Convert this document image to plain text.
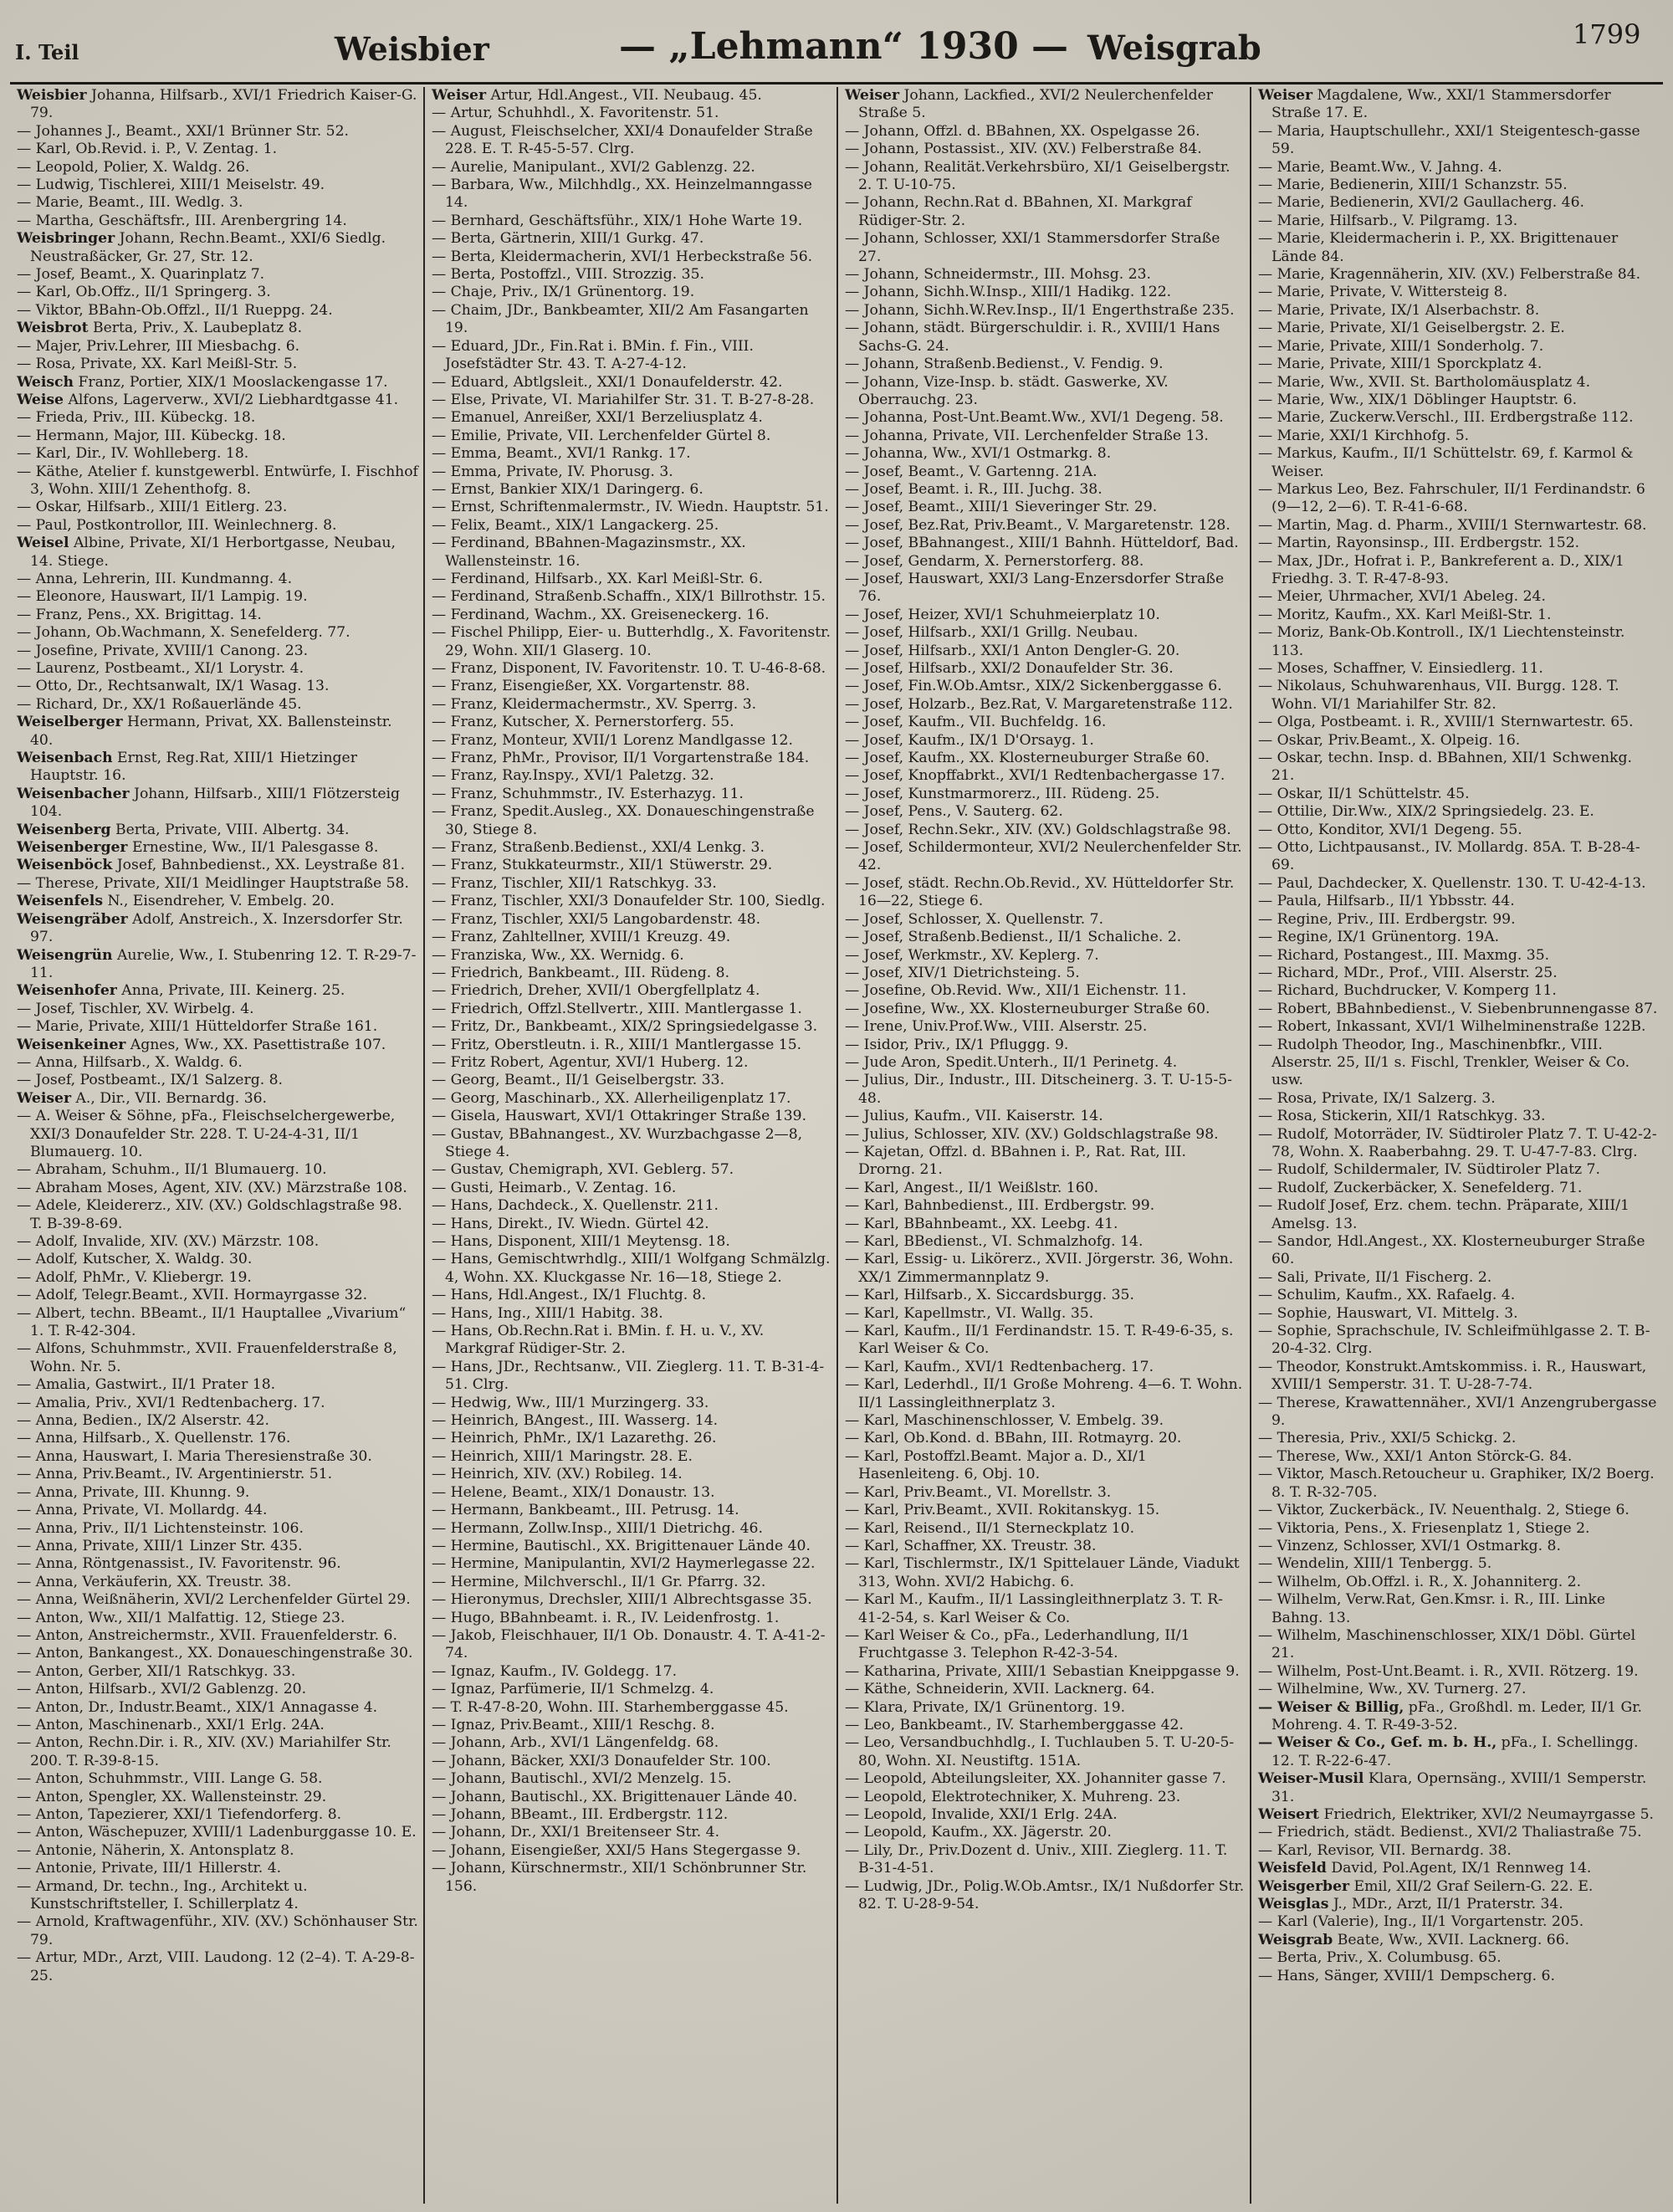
I. Teil	Weisbier	— „Lehmann“ 1930 — Weisgrab	1799
Weisbier Johanna, Hilfsarb., XVI/1 Friedrich Kaiser-G. 79.
— Johannes J., Beamt., XXI/1 Brünner Str. 52.
— Karl, Ob.Revid. i. P., V. Zentag. 1.
— Leopold, Polier, X. Waldg. 26.
— Ludwig, Tischlerei, XIII/1 Meiselstr. 49.
— Marie, Beamt., III. Wedlg. 3.
— Martha, Geschäftsfr., III. Arenbergring 14.
Weisbringer Johann, Rechn.Beamt., XXI/6 Siedlg. Neustraßäcker, Gr. 27, Str. 12.
— Josef, Beamt., X. Quarinplatz 7.
— Karl, Ob.Offz., II/1 Springerg. 3.
— Viktor, BBahn-Ob.Offzl., II/1 Rueppg. 24.
Weisbrot Berta, Priv., X. Laubeplatz 8.
— Majer, Priv.Lehrer, III Miesbachg. 6.
— Rosa, Private, XX. Karl Meißl-Str. 5.
Weisch Franz, Portier, XIX/1 Mooslackengasse 17.
Weise Alfons, Lagerverw., XVI/2 Liebhardtgasse 41.
— Frieda, Priv., III. Kübeckg. 18.
— Hermann, Major, III. Kübeckg. 18.
— Karl, Dir., IV. Wohlleberg. 18.
— Käthe, Atelier f. kunstgewerbl. Entwürfe, I. Fischhof 3, Wohn. XIII/1 Zehenthofg. 8.
— Oskar, Hilfsarb., XIII/1 Eitlerg. 23.
— Paul, Postkontrollor, III. Weinlechnerg. 8.
Weisel Albine, Private, XI/1 Herbortgasse, Neubau, 14. Stiege.
— Anna, Lehrerin, III. Kundmanng. 4.
— Eleonore, Hauswart, II/1 Lampig. 19.
— Franz, Pens., XX. Brigittag. 14.
— Johann, Ob.Wachmann, X. Senefelderg. 77.
— Josefine, Private, XVIII/1 Canong. 23.
— Laurenz, Postbeamt., XI/1 Lorystr. 4.
— Otto, Dr., Rechtsanwalt, IX/1 Wasag. 13.
— Richard, Dr., XX/1 Roßauerlände 45.
Weiselberger Hermann, Privat, XX. Ballensteinstr. 40.
Weisenbach Ernst, Reg.Rat, XIII/1 Hietzinger Hauptstr. 16.
Weisenbacher Johann, Hilfsarb., XIII/1 Flötzersteig 104.
Weisenberg Berta, Private, VIII. Albertg. 34.
Weisenberger Ernestine, Ww., II/1 Palesgasse 8.
Weisenböck Josef, Bahnbedienst., XX. Leystraße 81.
— Therese, Private, XII/1 Meidlinger Hauptstraße 58.
Weisenfels N., Eisendreher, V. Embelg. 20.
Weisengräber Adolf, Anstreich., X. Inzersdorfer Str. 97.
Weisengrün Aurelie, Ww., I. Stubenring 12. T. R-29-7-11.
Weisenhofer Anna, Private, III. Keinerg. 25.
— Josef, Tischler, XV. Wirbelg. 4.
— Marie, Private, XIII/1 Hütteldorfer Straße 161.
Weisenkeiner Agnes, Ww., XX. Pasettistraße 107.
— Anna, Hilfsarb., X. Waldg. 6.
— Josef, Postbeamt., IX/1 Salzerg. 8.
Weiser A., Dir., VII. Bernardg. 36.
— A. Weiser & Söhne, pFa., Fleischselchergewerbe, XXI/3 Donaufelder Str. 228. T. U-24-4-31, II/1 Blumauerg. 10.
— Abraham, Schuhm., II/1 Blumauerg. 10.
— Abraham Moses, Agent, XIV. (XV.) Märzstraße 108.
— Adele, Kleidererz., XIV. (XV.) Goldschlagstraße 98. T. B-39-8-69.
— Adolf, Invalide, XIV. (XV.) Märzstr. 108.
— Adolf, Kutscher, X. Waldg. 30.
— Adolf, PhMr., V. Kliebergr. 19.
— Adolf, Telegr.Beamt., XVII. Hormayrgasse 32.
— Albert, techn. BBeamt., II/1 Hauptallee „Vivarium“ 1. T. R-42-304.
— Alfons, Schuhmmstr., XVII. Frauenfelderstraße 8, Wohn. Nr. 5.
— Amalia, Gastwirt., II/1 Prater 18.
— Amalia, Priv., XVI/1 Redtenbacherg. 17.
— Anna, Bedien., IX/2 Alserstr. 42.
— Anna, Hilfsarb., X. Quellenstr. 176.
— Anna, Hauswart, I. Maria Theresienstraße 30.
— Anna, Priv.Beamt., IV. Argentinierstr. 51.
— Anna, Private, III. Khunng. 9.
— Anna, Private, VI. Mollardg. 44.
— Anna, Priv., II/1 Lichtensteinstr. 106.
— Anna, Private, XIII/1 Linzer Str. 435.
— Anna, Röntgenassist., IV. Favoritenstr. 96.
— Anna, Verkäuferin, XX. Treustr. 38.
— Anna, Weißnäherin, XVI/2 Lerchenfelder Gürtel 29.
— Anton, Ww., XII/1 Malfattig. 12, Stiege 23.
— Anton, Anstreichermstr., XVII. Frauenfelderstr. 6.
— Anton, Bankangest., XX. Donaueschingenstraße 30.
— Anton, Gerber, XII/1 Ratschkyg. 33.
— Anton, Hilfsarb., XVI/2 Gablenzg. 20.
— Anton, Dr., Industr.Beamt., XIX/1 Annagasse 4.
— Anton, Maschinenarb., XXI/1 Erlg. 24A.
— Anton, Rechn.Dir. i. R., XIV. (XV.) Mariahilfer Str. 200. T. R-39-8-15.
— Anton, Schuhmmstr., VIII. Lange G. 58.
— Anton, Spengler, XX. Wallensteinstr. 29.
— Anton, Tapezierer, XXI/1 Tiefendorferg. 8.
— Anton, Wäschepuzer, XVIII/1 Ladenburggasse 10. E.
— Antonie, Näherin, X. Antonsplatz 8.
— Antonie, Private, III/1 Hillerstr. 4.
— Armand, Dr. techn., Ing., Architekt u. Kunstschriftsteller, I. Schillerplatz 4.
— Arnold, Kraftwagenführ., XIV. (XV.) Schönhauser Str. 79.
— Artur, MDr., Arzt, VIII. Laudong. 12 (2–4). T. A-29-8-25.
Weiser Artur, Hdl.Angest., VII. Neubaug. 45.
— Artur, Schuhhdl., X. Favoritenstr. 51.
— August, Fleischselcher, XXI/4 Donaufelder Straße 228. E. T. R-45-5-57. Clrg.
— Aurelie, Manipulant., XVI/2 Gablenzg. 22.
— Barbara, Ww., Milchhdlg., XX. Heinzelmanngasse 14.
— Bernhard, Geschäftsführ., XIX/1 Hohe Warte 19.
— Berta, Gärtnerin, XIII/1 Gurkg. 47.
— Berta, Kleidermacherin, XVI/1 Herbeckstraße 56.
— Berta, Postoffzl., VIII. Strozzig. 35.
— Chaje, Priv., IX/1 Grünentorg. 19.
— Chaim, JDr., Bankbeamter, XII/2 Am Fasangarten 19.
— Eduard, JDr., Fin.Rat i. BMin. f. Fin., VIII. Josefstädter Str. 43. T. A-27-4-12.
— Eduard, Abtlgsleit., XXI/1 Donaufelderstr. 42.
— Else, Private, VI. Mariahilfer Str. 31. T. B-27-8-28.
— Emanuel, Anreißer, XXI/1 Berzeliusplatz 4.
— Emilie, Private, VII. Lerchenfelder Gürtel 8.
— Emma, Beamt., XVI/1 Rankg. 17.
— Emma, Private, IV. Phorusg. 3.
— Ernst, Bankier XIX/1 Daringerg. 6.
— Ernst, Schriftenmalermstr., IV. Wiedn. Hauptstr. 51.
— Felix, Beamt., XIX/1 Langackerg. 25.
— Ferdinand, BBahnen-Magazinsmstr., XX. Wallensteinstr. 16.
— Ferdinand, Hilfsarb., XX. Karl Meißl-Str. 6.
— Ferdinand, Straßenb.Schaffn., XIX/1 Billrothstr. 15.
— Ferdinand, Wachm., XX. Greiseneckerg. 16.
— Fischel Philipp, Eier- u. Butterhdlg., X. Favoritenstr. 29, Wohn. XII/1 Glaserg. 10.
— Franz, Disponent, IV. Favoritenstr. 10. T. U-46-8-68.
— Franz, Eisengießer, XX. Vorgartenstr. 88.
— Franz, Kleidermachermstr., XV. Sperrg. 3.
— Franz, Kutscher, X. Pernerstorferg. 55.
— Franz, Monteur, XVII/1 Lorenz Mandlgasse 12.
— Franz, PhMr., Provisor, II/1 Vorgartenstraße 184.
— Franz, Ray.Inspy., XVI/1 Paletzg. 32.
— Franz, Schuhmmstr., IV. Esterhazyg. 11.
— Franz, Spedit.Ausleg., XX. Donaueschingenstraße 30, Stiege 8.
— Franz, Straßenb.Bedienst., XXI/4 Lenkg. 3.
— Franz, Stukkateurmstr., XII/1 Stüwerstr. 29.
— Franz, Tischler, XII/1 Ratschkyg. 33.
— Franz, Tischler, XXI/3 Donaufelder Str. 100, Siedlg.
— Franz, Tischler, XXI/5 Langobardenstr. 48.
— Franz, Zahltellner, XVIII/1 Kreuzg. 49.
— Franziska, Ww., XX. Wernidg. 6.
— Friedrich, Bankbeamt., III. Rüdeng. 8.
— Friedrich, Dreher, XVII/1 Obergfellplatz 4.
— Friedrich, Offzl.Stellvertr., XIII. Mantlergasse 1.
— Fritz, Dr., Bankbeamt., XIX/2 Springsiedelgasse 3.
— Fritz, Oberstleutn. i. R., XIII/1 Mantlergasse 15.
— Fritz Robert, Agentur, XVI/1 Huberg. 12.
— Georg, Beamt., II/1 Geiselbergstr. 33.
— Georg, Maschinarb., XX. Allerheiligenplatz 17.
— Gisela, Hauswart, XVI/1 Ottakringer Straße 139.
— Gustav, BBahnangest., XV. Wurzbachgasse 2—8, Stiege 4.
— Gustav, Chemigraph, XVI. Geblerg. 57.
— Gusti, Heimarb., V. Zentag. 16.
— Hans, Dachdeck., X. Quellenstr. 211.
— Hans, Direkt., IV. Wiedn. Gürtel 42.
— Hans, Disponent, XIII/1 Meytensg. 18.
— Hans, Gemischtwrhdlg., XIII/1 Wolfgang Schmälzlg. 4, Wohn. XX. Kluckgasse Nr. 16—18, Stiege 2.
— Hans, Hdl.Angest., IX/1 Fluchtg. 8.
— Hans, Ing., XIII/1 Habitg. 38.
— Hans, Ob.Rechn.Rat i. BMin. f. H. u. V., XV. Markgraf Rüdiger-Str. 2.
— Hans, JDr., Rechtsanw., VII. Zieglerg. 11. T. B-31-4-51. Clrg.
— Hedwig, Ww., III/1 Murzingerg. 33.
— Heinrich, BAngest., III. Wasserg. 14.
— Heinrich, PhMr., IX/1 Lazarethg. 26.
— Heinrich, XIII/1 Maringstr. 28. E.
— Heinrich, XIV. (XV.) Robileg. 14.
— Helene, Beamt., XIX/1 Donaustr. 13.
— Hermann, Bankbeamt., III. Petrusg. 14.
— Hermann, Zollw.Insp., XIII/1 Dietrichg. 46.
— Hermine, Bautischl., XX. Brigittenauer Lände 40.
— Hermine, Manipulantin, XVI/2 Haymerlegasse 22.
— Hermine, Milchverschl., II/1 Gr. Pfarrg. 32.
— Hieronymus, Drechsler, XIII/1 Albrechtsgasse 35.
— Hugo, BBahnbeamt. i. R., IV. Leidenfrostg. 1.
— Jakob, Fleischhauer, II/1 Ob. Donaustr. 4. T. A-41-2-74.
— Ignaz, Kaufm., IV. Goldegg. 17.
— Ignaz, Parfümerie, II/1 Schmelzg. 4.
— T. R-47-8-20, Wohn. III. Starhemberggasse 45.
— Ignaz, Priv.Beamt., XIII/1 Reschg. 8.
— Johann, Arb., XVI/1 Längenfeldg. 68.
— Johann, Bäcker, XXI/3 Donaufelder Str. 100.
— Johann, Bautischl., XVI/2 Menzelg. 15.
— Johann, Bautischl., XX. Brigittenauer Lände 40.
— Johann, BBeamt., III. Erdbergstr. 112.
— Johann, Dr., XXI/1 Breitenseer Str. 4.
— Johann, Eisengießer, XXI/5 Hans Stegergasse 9.
— Johann, Kürschnermstr., XII/1 Schönbrunner Str. 156.
Weiser Johann, Lackfied., XVI/2 Neulerchenfelder Straße 5.
— Johann, Offzl. d. BBahnen, XX. Ospelgasse 26.
— Johann, Postassist., XIV. (XV.) Felberstraße 84.
— Johann, Realität.Verkehrsbüro, XI/1 Geiselbergstr. 2. T. U-10-75.
— Johann, Rechn.Rat d. BBahnen, XI. Markgraf Rüdiger-Str. 2.
— Johann, Schlosser, XXI/1 Stammersdorfer Straße 27.
— Johann, Schneidermstr., III. Mohsg. 23.
— Johann, Sichh.W.Insp., XIII/1 Hadikg. 122.
— Johann, Sichh.W.Rev.Insp., II/1 Engerthstraße 235.
— Johann, städt. Bürgerschuldir. i. R., XVIII/1 Hans Sachs-G. 24.
— Johann, Straßenb.Bedienst., V. Fendig. 9.
— Johann, Vize-Insp. b. städt. Gaswerke, XV. Oberrauchg. 23.
— Johanna, Post-Unt.Beamt.Ww., XVI/1 Degeng. 58.
— Johanna, Private, VII. Lerchenfelder Straße 13.
— Johanna, Ww., XVI/1 Ostmarkg. 8.
— Josef, Beamt., V. Gartenng. 21A.
— Josef, Beamt. i. R., III. Juchg. 38.
— Josef, Beamt., XIII/1 Sieveringer Str. 29.
— Josef, Bez.Rat, Priv.Beamt., V. Margaretenstr. 128.
— Josef, BBahnangest., XIII/1 Bahnh. Hütteldorf, Bad.
— Josef, Gendarm, X. Pernerstorferg. 88.
— Josef, Hauswart, XXI/3 Lang-Enzersdorfer Straße 76.
— Josef, Heizer, XVI/1 Schuhmeierplatz 10.
— Josef, Hilfsarb., XXI/1 Grillg. Neubau.
— Josef, Hilfsarb., XXI/1 Anton Dengler-G. 20.
— Josef, Hilfsarb., XXI/2 Donaufelder Str. 36.
— Josef, Fin.W.Ob.Amtsr., XIX/2 Sickenberggasse 6.
— Josef, Holzarb., Bez.Rat, V. Margaretenstraße 112.
— Josef, Kaufm., VII. Buchfeldg. 16.
— Josef, Kaufm., IX/1 D'Orsayg. 1.
— Josef, Kaufm., XX. Klosterneuburger Straße 60.
— Josef, Knopffabrkt., XVI/1 Redtenbachergasse 17.
— Josef, Kunstmarmorerz., III. Rüdeng. 25.
— Josef, Pens., V. Sauterg. 62.
— Josef, Rechn.Sekr., XIV. (XV.) Goldschlagstraße 98.
— Josef, Schildermonteur, XVI/2 Neulerchenfelder Str. 42.
— Josef, städt. Rechn.Ob.Revid., XV. Hütteldorfer Str. 16—22, Stiege 6.
— Josef, Schlosser, X. Quellenstr. 7.
— Josef, Straßenb.Bedienst., II/1 Schaliche. 2.
— Josef, Werkmstr., XV. Keplerg. 7.
— Josef, XIV/1 Dietrichsteing. 5.
— Josefine, Ob.Revid. Ww., XII/1 Eichenstr. 11.
— Josefine, Ww., XX. Klosterneuburger Straße 60.
— Irene, Univ.Prof.Ww., VIII. Alserstr. 25.
— Isidor, Priv., IX/1 Pfluggg. 9.
— Jude Aron, Spedit.Unterh., II/1 Perinetg. 4.
— Julius, Dir., Industr., III. Ditscheinerg. 3. T. U-15-5-48.
— Julius, Kaufm., VII. Kaiserstr. 14.
— Julius, Schlosser, XIV. (XV.) Goldschlagstraße 98.
— Kajetan, Offzl. d. BBahnen i. P., Rat. Rat, III. Drorng. 21.
— Karl, Angest., II/1 Weißlstr. 160.
— Karl, Bahnbedienst., III. Erdbergstr. 99.
— Karl, BBahnbeamt., XX. Leebg. 41.
— Karl, BBedienst., VI. Schmalzhofg. 14.
— Karl, Essig- u. Likörerz., XVII. Jörgerstr. 36, Wohn. XX/1 Zimmermannplatz 9.
— Karl, Hilfsarb., X. Siccardsburgg. 35.
— Karl, Kapellmstr., VI. Wallg. 35.
— Karl, Kaufm., II/1 Ferdinandstr. 15. T. R-49-6-35, s. Karl Weiser & Co.
— Karl, Kaufm., XVI/1 Redtenbacherg. 17.
— Karl, Lederhdl., II/1 Große Mohreng. 4—6. T. Wohn. II/1 Lassingleithnerplatz 3.
— Karl, Maschinenschlosser, V. Embelg. 39.
— Karl, Ob.Kond. d. BBahn, III. Rotmayrg. 20.
— Karl, Postoffzl.Beamt. Major a. D., XI/1 Hasenleiteng. 6, Obj. 10.
— Karl, Priv.Beamt., VI. Morellstr. 3.
— Karl, Priv.Beamt., XVII. Rokitanskyg. 15.
— Karl, Reisend., II/1 Sterneckplatz 10.
— Karl, Schaffner, XX. Treustr. 38.
— Karl, Tischlermstr., IX/1 Spittelauer Lände, Viadukt 313, Wohn. XVI/2 Habichg. 6.
— Karl M., Kaufm., II/1 Lassingleithnerplatz 3. T. R-41-2-54, s. Karl Weiser & Co.
— Karl Weiser & Co., pFa., Lederhandlung, II/1 Fruchtgasse 3. Telephon R-42-3-54.
— Katharina, Private, XIII/1 Sebastian Kneippgasse 9.
— Käthe, Schneiderin, XVII. Lacknerg. 64.
— Klara, Private, IX/1 Grünentorg. 19.
— Leo, Bankbeamt., IV. Starhemberggasse 42.
— Leo, Versandbuchhdlg., I. Tuchlauben 5. T. U-20-5-80, Wohn. XI. Neustiftg. 151A.
— Leopold, Abteilungsleiter, XX. Johanniter gasse 7.
— Leopold, Elektrotechniker, X. Muhreng. 23.
— Leopold, Invalide, XXI/1 Erlg. 24A.
— Leopold, Kaufm., XX. Jägerstr. 20.
— Lily, Dr., Priv.Dozent d. Univ., XIII. Zieglerg. 11. T. B-31-4-51.
— Ludwig, JDr., Polig.W.Ob.Amtsr., IX/1 Nußdorfer Str. 82. T. U-28-9-54.
Weiser Magdalene, Ww., XXI/1 Stammersdorfer Straße 17. E.
— Maria, Hauptschullehr., XXI/1 Steigentesch-gasse 59.
— Marie, Beamt.Ww., V. Jahng. 4.
— Marie, Bedienerin, XIII/1 Schanzstr. 55.
— Marie, Bedienerin, XVI/2 Gaullacherg. 46.
— Marie, Hilfsarb., V. Pilgramg. 13.
— Marie, Kleidermacherin i. P., XX. Brigittenauer Lände 84.
— Marie, Kragennäherin, XIV. (XV.) Felberstraße 84.
— Marie, Private, V. Wittersteig 8.
— Marie, Private, IX/1 Alserbachstr. 8.
— Marie, Private, XI/1 Geiselbergstr. 2. E.
— Marie, Private, XIII/1 Sonderholg. 7.
— Marie, Private, XIII/1 Sporckplatz 4.
— Marie, Ww., XVII. St. Bartholomäusplatz 4.
— Marie, Ww., XIX/1 Döblinger Hauptstr. 6.
— Marie, Zuckerw.Verschl., III. Erdbergstraße 112.
— Marie, XXI/1 Kirchhofg. 5.
— Markus, Kaufm., II/1 Schüttelstr. 69, f. Karmol & Weiser.
— Markus Leo, Bez. Fahrschuler, II/1 Ferdinandstr. 6 (9—12, 2—6). T. R-41-6-68.
— Martin, Mag. d. Pharm., XVIII/1 Sternwartestr. 68.
— Martin, Rayonsinsp., III. Erdbergstr. 152.
— Max, JDr., Hofrat i. P., Bankreferent a. D., XIX/1 Friedhg. 3. T. R-47-8-93.
— Meier, Uhrmacher, XVI/1 Abeleg. 24.
— Moritz, Kaufm., XX. Karl Meißl-Str. 1.
— Moriz, Bank-Ob.Kontroll., IX/1 Liechtensteinstr. 113.
— Moses, Schaffner, V. Einsiedlerg. 11.
— Nikolaus, Schuhwarenhaus, VII. Burgg. 128. T. Wohn. VI/1 Mariahilfer Str. 82.
— Olga, Postbeamt. i. R., XVIII/1 Sternwartestr. 65.
— Oskar, Priv.Beamt., X. Olpeig. 16.
— Oskar, techn. Insp. d. BBahnen, XII/1 Schwenkg. 21.
— Oskar, II/1 Schüttelstr. 45.
— Ottilie, Dir.Ww., XIX/2 Springsiedelg. 23. E.
— Otto, Konditor, XVI/1 Degeng. 55.
— Otto, Lichtpausanst., IV. Mollardg. 85A. T. B-28-4-69.
— Paul, Dachdecker, X. Quellenstr. 130. T. U-42-4-13.
— Paula, Hilfsarb., II/1 Ybbsstr. 44.
— Regine, Priv., III. Erdbergstr. 99.
— Regine, IX/1 Grünentorg. 19A.
— Richard, Postangest., III. Maxmg. 35.
— Richard, MDr., Prof., VIII. Alserstr. 25.
— Richard, Buchdrucker, V. Komperg 11.
— Robert, BBahnbedienst., V. Siebenbrunnengasse 87.
— Robert, Inkassant, XVI/1 Wilhelminenstraße 122B.
— Rudolph Theodor, Ing., Maschinenbfkr., VIII. Alserstr. 25, II/1 s. Fischl, Trenkler, Weiser & Co. usw.
— Rosa, Private, IX/1 Salzerg. 3.
— Rosa, Stickerin, XII/1 Ratschkyg. 33.
— Rudolf, Motorräder, IV. Südtiroler Platz 7. T. U-42-2-78, Wohn. X. Raaberbahng. 29. T. U-47-7-83. Clrg.
— Rudolf, Schildermaler, IV. Südtiroler Platz 7.
— Rudolf, Zuckerbäcker, X. Senefelderg. 71.
— Rudolf Josef, Erz. chem. techn. Präparate, XIII/1 Amelsg. 13.
— Sandor, Hdl.Angest., XX. Klosterneuburger Straße 60.
— Sali, Private, II/1 Fischerg. 2.
— Schulim, Kaufm., XX. Rafaelg. 4.
— Sophie, Hauswart, VI. Mittelg. 3.
— Sophie, Sprachschule, IV. Schleifmühlgasse 2. T. B-20-4-32. Clrg.
— Theodor, Konstrukt.Amtskommiss. i. R., Hauswart, XVIII/1 Semperstr. 31. T. U-28-7-74.
— Therese, Krawattennäher., XVI/1 Anzengrubergasse 9.
— Theresia, Priv., XXI/5 Schickg. 2.
— Therese, Ww., XXI/1 Anton Störck-G. 84.
— Viktor, Masch.Retoucheur u. Graphiker, IX/2 Boerg. 8. T. R-32-705.
— Viktor, Zuckerbäck., IV. Neuenthalg. 2, Stiege 6.
— Viktoria, Pens., X. Friesenplatz 1, Stiege 2.
— Vinzenz, Schlosser, XVI/1 Ostmarkg. 8.
— Wendelin, XIII/1 Tenbergg. 5.
— Wilhelm, Ob.Offzl. i. R., X. Johanniterg. 2.
— Wilhelm, Verw.Rat, Gen.Kmsr. i. R., III. Linke Bahng. 13.
— Wilhelm, Maschinenschlosser, XIX/1 Döbl. Gürtel 21.
— Wilhelm, Post-Unt.Beamt. i. R., XVII. Rötzerg. 19.
— Wilhelmine, Ww., XV. Turnerg. 27.
— Weiser & Billig, pFa., Großhdl. m. Leder, II/1 Gr. Mohreng. 4. T. R-49-3-52.
— Weiser & Co., Gef. m. b. H., pFa., I. Schellingg. 12. T. R-22-6-47.
Weiser-Musil Klara, Opernsäng., XVIII/1 Semperstr. 31.
Weisert Friedrich, Elektriker, XVI/2 Neumayrgasse 5.
— Friedrich, städt. Bedienst., XVI/2 Thaliastraße 75.
— Karl, Revisor, VII. Bernardg. 38.
Weisfeld David, Pol.Agent, IX/1 Rennweg 14.
Weisgerber Emil, XII/2 Graf Seilern-G. 22. E.
Weisglas J., MDr., Arzt, II/1 Praterstr. 34.
— Karl (Valerie), Ing., II/1 Vorgartenstr. 205.
Weisgrab Beate, Ww., XVII. Lacknerg. 66.
— Berta, Priv., X. Columbusg. 65.
— Hans, Sänger, XVIII/1 Dempscherg. 6.
